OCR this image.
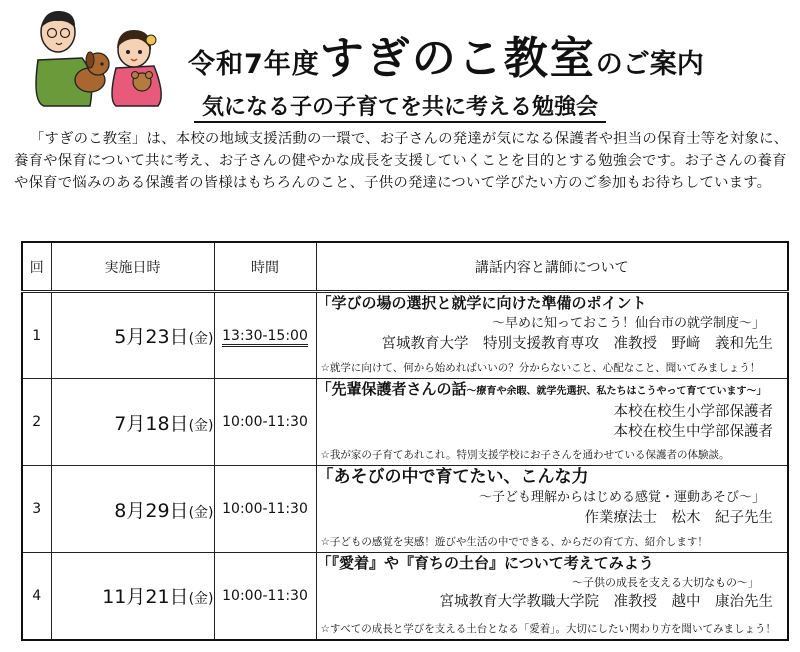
令和7年度すぎのこ教室のご案内
気になる子の子育てを共に考える勉強会
「すぎのこ教室」は、本校の地域支援活動の一環で、お子さんの発達が気になる保護者や担当の保育士等を対象に、養育や保育について共に考え、お子さんの健やかな成長を支援していくことを目的とする勉強会です。お子さんの養育や保育で悩みのある保護者の皆様はもちろんのこと、子供の発達について学びたい方のご参加もお待ちしています。
回	実施日時	時間	講話内容と講師について
1	5月23日(金)	13:30-15:00	「学びの場の選択と就学に向けた準備のポイント
～早めに知っておこう！仙台市の就学制度～」
宮城教育大学　特別支援教育専攻　准教授　野﨑　義和先生
☆就学に向けて、何から始めればいいの？分からないこと、心配なこと、聞いてみましょう！

2	7月18日(金)	10:00-11:30	「先輩保護者さんの話～療育や余暇、就学先選択、私たちはこうやって育てています～」
本校在校生小学部保護者
本校在校生中学部保護者
☆我が家の子育てあれこれ。特別支援学校にお子さんを通わせている保護者の体験談。

3	8月29日(金)	10:00-11:30	「あそびの中で育てたい、こんな力
～子ども理解からはじめる感覚・運動あそび～」
作業療法士　松木　紀子先生
☆子どもの感覚を実感！遊びや生活の中でできる、からだの育て方、紹介します！

4	11月21日(金)	10:00-11:30	「『愛着』や『育ちの土台』について考えてみよう
～子供の成長を支える大切なもの～」
宮城教育大学教職大学院　准教授　越中　康治先生
☆すべての成長と学びを支える土台となる「愛着」。大切にしたい関わり方を聞いてみましょう！
